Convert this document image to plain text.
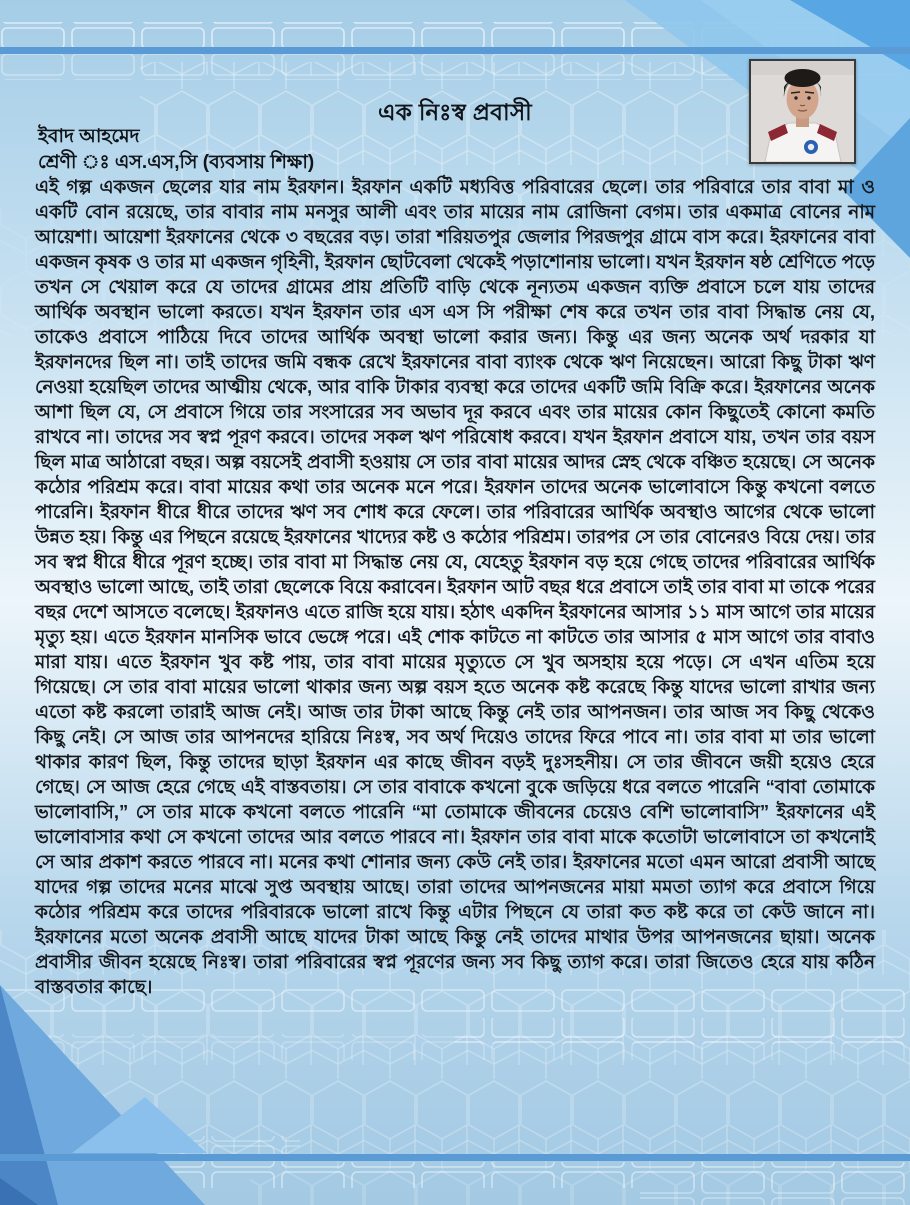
এক নিঃস্ব প্রবাসী
ইবাদ আহমেদ
শ্রেণী ঃ এস.এস,সি (ব্যবসায় শিক্ষা)

এই গল্প একজন ছেলের যার নাম ইরফান। ইরফান একটি মধ্যবিত্ত পরিবারের ছেলে। তার পরিবারে তার বাবা মা ও একটি বোন রয়েছে, তার বাবার নাম মনসুর আলী এবং তার মায়ের নাম রোজিনা বেগম। তার একমাত্র বোনের নাম আয়েশা। আয়েশা ইরফানের থেকে ৩ বছরের বড়। তারা শরিয়তপুর জেলার পিরজপুর গ্রামে বাস করে। ইরফানের বাবা একজন কৃষক ও তার মা একজন গৃহিনী, ইরফান ছোটবেলা থেকেই পড়াশোনায় ভালো। যখন ইরফান ষষ্ঠ শ্রেণিতে পড়ে তখন সে খেয়াল করে যে তাদের গ্রামের প্রায় প্রতিটি বাড়ি থেকে নূন্যতম একজন ব্যক্তি প্রবাসে চলে যায় তাদের আর্থিক অবস্থান ভালো করতে। যখন ইরফান তার এস এস সি পরীক্ষা শেষ করে তখন তার বাবা সিদ্ধান্ত নেয় যে, তাকেও প্রবাসে পাঠিয়ে দিবে তাদের আর্থিক অবস্থা ভালো করার জন্য। কিন্তু এর জন্য অনেক অর্থ দরকার যা ইরফানদের ছিল না। তাই তাদের জমি বন্ধক রেখে ইরফানের বাবা ব্যাংক থেকে ঋণ নিয়েছেন। আরো কিছু টাকা ঋণ নেওয়া হয়েছিল তাদের আত্মীয় থেকে, আর বাকি টাকার ব্যবস্থা করে তাদের একটি জমি বিক্রি করে। ইরফানের অনেক আশা ছিল যে, সে প্রবাসে গিয়ে তার সংসারের সব অভাব দূর করবে এবং তার মায়ের কোন কিছুতেই কোনো কমতি রাখবে না। তাদের সব স্বপ্ন পূরণ করবে। তাদের সকল ঋণ পরিষোধ করবে। যখন ইরফান প্রবাসে যায়, তখন তার বয়স ছিল মাত্র আঠারো বছর। অল্প বয়সেই প্রবাসী হওয়ায় সে তার বাবা মায়ের আদর স্নেহ থেকে বঞ্চিত হয়েছে। সে অনেক কঠোর পরিশ্রম করে। বাবা মায়ের কথা তার অনেক মনে পরে। ইরফান তাদের অনেক ভালোবাসে কিন্তু কখনো বলতে পারেনি। ইরফান ধীরে ধীরে তাদের ঋণ সব শোধ করে ফেলে। তার পরিবারের আর্থিক অবস্থাও আগের থেকে ভালো উন্নত হয়। কিন্তু এর পিছনে রয়েছে ইরফানের খাদ্যের কষ্ট ও কঠোর পরিশ্রম। তারপর সে তার বোনেরও বিয়ে দেয়। তার সব স্বপ্ন ধীরে ধীরে পূরণ হচ্ছে। তার বাবা মা সিদ্ধান্ত নেয় যে, যেহেতু ইরফান বড় হয়ে গেছে তাদের পরিবারের আর্থিক অবস্থাও ভালো আছে, তাই তারা ছেলেকে বিয়ে করাবেন। ইরফান আট বছর ধরে প্রবাসে তাই তার বাবা মা তাকে পরের বছর দেশে আসতে বলেছে। ইরফানও এতে রাজি হয়ে যায়। হঠাৎ একদিন ইরফানের আসার ১১ মাস আগে তার মায়ের মৃত্যু হয়। এতে ইরফান মানসিক ভাবে ভেঙ্গে পরে। এই শোক কাটতে না কাটতে তার আসার ৫ মাস আগে তার বাবাও মারা যায়। এতে ইরফান খুব কষ্ট পায়, তার বাবা মায়ের মৃত্যুতে সে খুব অসহায় হয়ে পড়ে। সে এখন এতিম হয়ে গিয়েছে। সে তার বাবা মায়ের ভালো থাকার জন্য অল্প বয়স হতে অনেক কষ্ট করেছে কিন্তু যাদের ভালো রাখার জন্য এতো কষ্ট করলো তারাই আজ নেই। আজ তার টাকা আছে কিন্তু নেই তার আপনজন। তার আজ সব কিছু থেকেও কিছু নেই। সে আজ তার আপনদের হারিয়ে নিঃস্ব, সব অর্থ দিয়েও তাদের ফিরে পাবে না। তার বাবা মা তার ভালো থাকার কারণ ছিল, কিন্তু তাদের ছাড়া ইরফান এর কাছে জীবন বড়ই দুঃসহনীয়। সে তার জীবনে জয়ী হয়েও হেরে গেছে। সে আজ হেরে গেছে এই বাস্তবতায়। সে তার বাবাকে কখনো বুকে জড়িয়ে ধরে বলতে পারেনি “বাবা তোমাকে ভালোবাসি,” সে তার মাকে কখনো বলতে পারেনি “মা তোমাকে জীবনের চেয়েও বেশি ভালোবাসি” ইরফানের এই ভালোবাসার কথা সে কখনো তাদের আর বলতে পারবে না। ইরফান তার বাবা মাকে কতোটা ভালোবাসে তা কখনোই সে আর প্রকাশ করতে পারবে না। মনের কথা শোনার জন্য কেউ নেই তার। ইরফানের মতো এমন আরো প্রবাসী আছে যাদের গল্প তাদের মনের মাঝে সুপ্ত অবস্থায় আছে। তারা তাদের আপনজনের মায়া মমতা ত্যাগ করে প্রবাসে গিয়ে কঠোর পরিশ্রম করে তাদের পরিবারকে ভালো রাখে কিন্তু এটার পিছনে যে তারা কত কষ্ট করে তা কেউ জানে না। ইরফানের মতো অনেক প্রবাসী আছে যাদের টাকা আছে কিন্তু নেই তাদের মাথার উপর আপনজনের ছায়া। অনেক প্রবাসীর জীবন হয়েছে নিঃস্ব। তারা পরিবারের স্বপ্ন পূরণের জন্য সব কিছু ত্যাগ করে। তারা জিতেও হেরে যায় কঠিন বাস্তবতার কাছে।
